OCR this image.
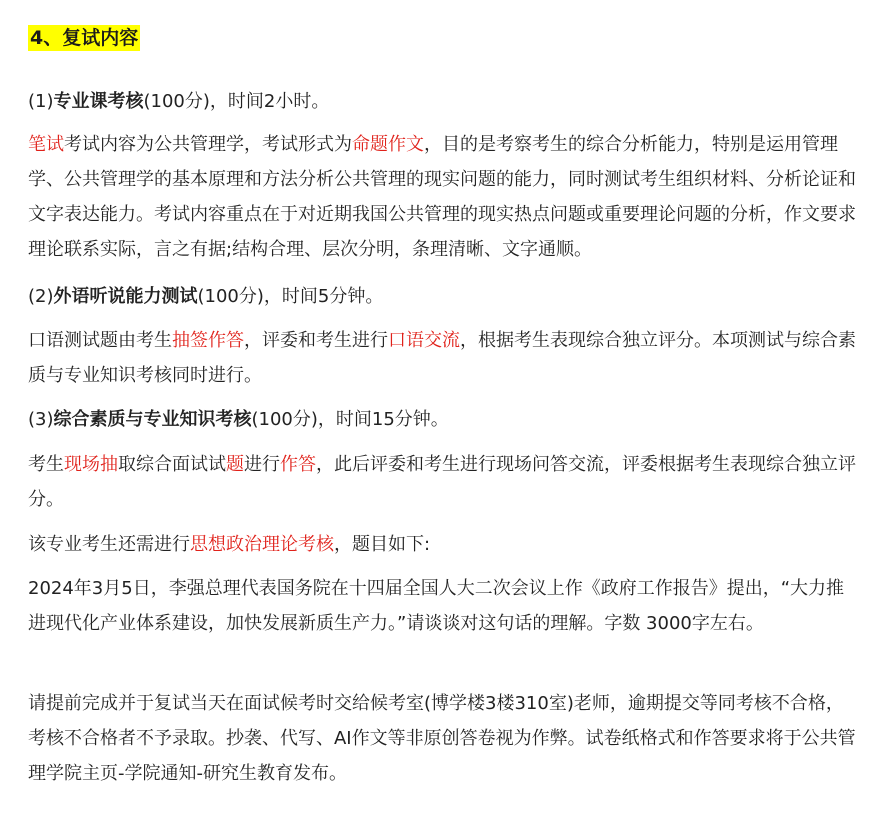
4、复试内容

(1)专业课考核(100分)，时间2小时。

笔试考试内容为公共管理学，考试形式为命题作文，目的是考察考生的综合分析能力，特别是运用管理学、公共管理学的基本原理和方法分析公共管理的现实问题的能力，同时测试考生组织材料、分析论证和文字表达能力。考试内容重点在于对近期我国公共管理的现实热点问题或重要理论问题的分析，作文要求理论联系实际，言之有据;结构合理、层次分明，条理清晰、文字通顺。

(2)外语听说能力测试(100分)，时间5分钟。

口语测试题由考生抽签作答，评委和考生进行口语交流，根据考生表现综合独立评分。本项测试与综合素质与专业知识考核同时进行。

(3)综合素质与专业知识考核(100分)，时间15分钟。

考生现场抽取综合面试试题进行作答，此后评委和考生进行现场问答交流，评委根据考生表现综合独立评分。

该专业考生还需进行思想政治理论考核，题目如下:

2024年3月5日，李强总理代表国务院在十四届全国人大二次会议上作《政府工作报告》提出，“大力推进现代化产业体系建设，加快发展新质生产力。”请谈谈对这句话的理解。字数 3000字左右。

请提前完成并于复试当天在面试候考时交给候考室(博学楼3楼310室)老师，逾期提交等同考核不合格，考核不合格者不予录取。抄袭、代写、AI作文等非原创答卷视为作弊。试卷纸格式和作答要求将于公共管理学院主页-学院通知-研究生教育发布。
